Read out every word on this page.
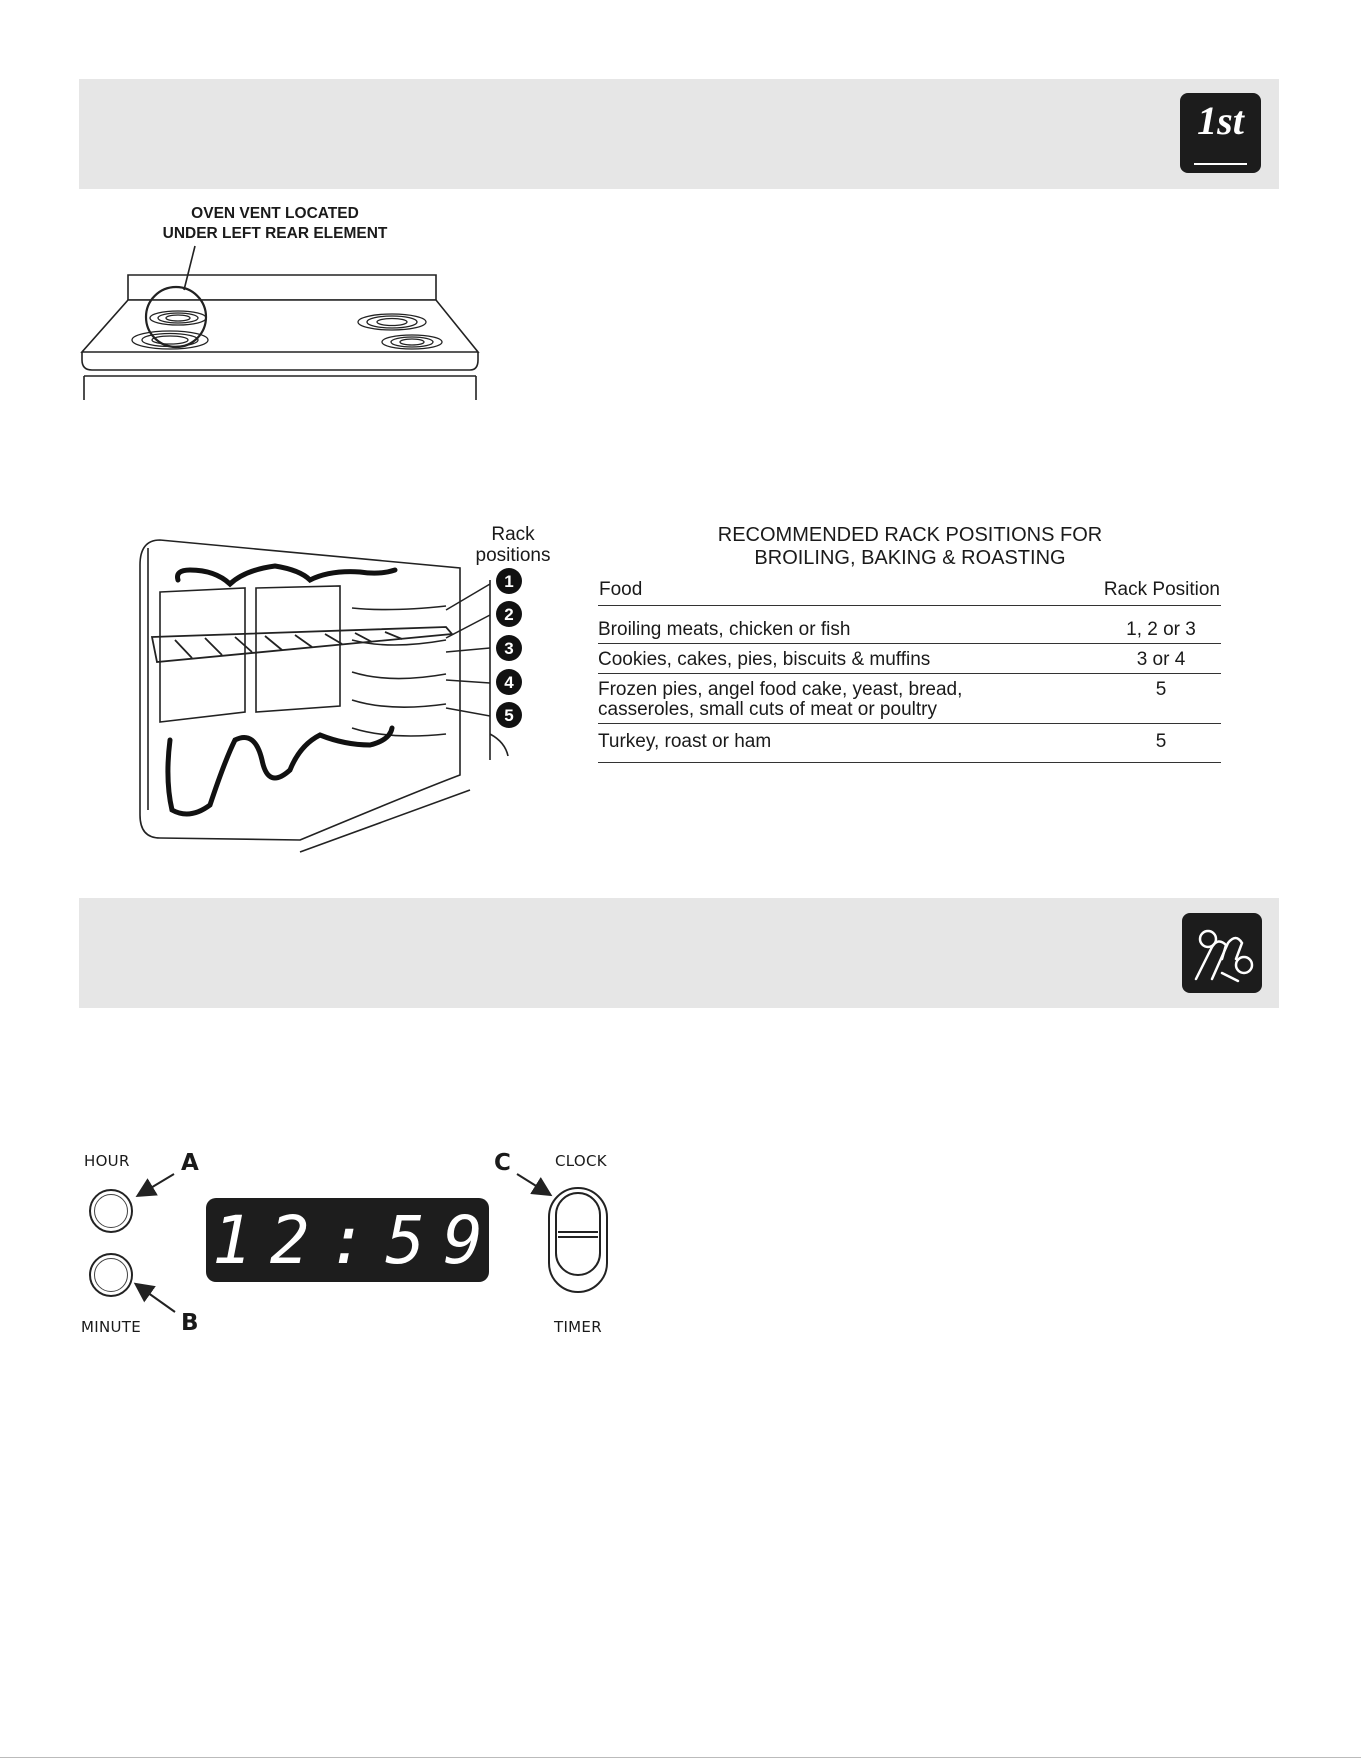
1st
OVEN VENT LOCATED
UNDER LEFT REAR ELEMENT
Rack
positions
1
2
3
4
5
RECOMMENDED RACK POSITIONS FOR
BROILING, BAKING & ROASTING
Food	Rack Position

Broiling meats, chicken or fish	1, 2 or 3
Cookies, cakes, pies, biscuits & muffins	3 or 4

Frozen pies, angel food cake, yeast, bread,
casseroles, small cuts of meat or poultry	5
Turkey, roast or ham	5
HOUR A	C	CLOCK
MINUTE B	TIMER
12:59
